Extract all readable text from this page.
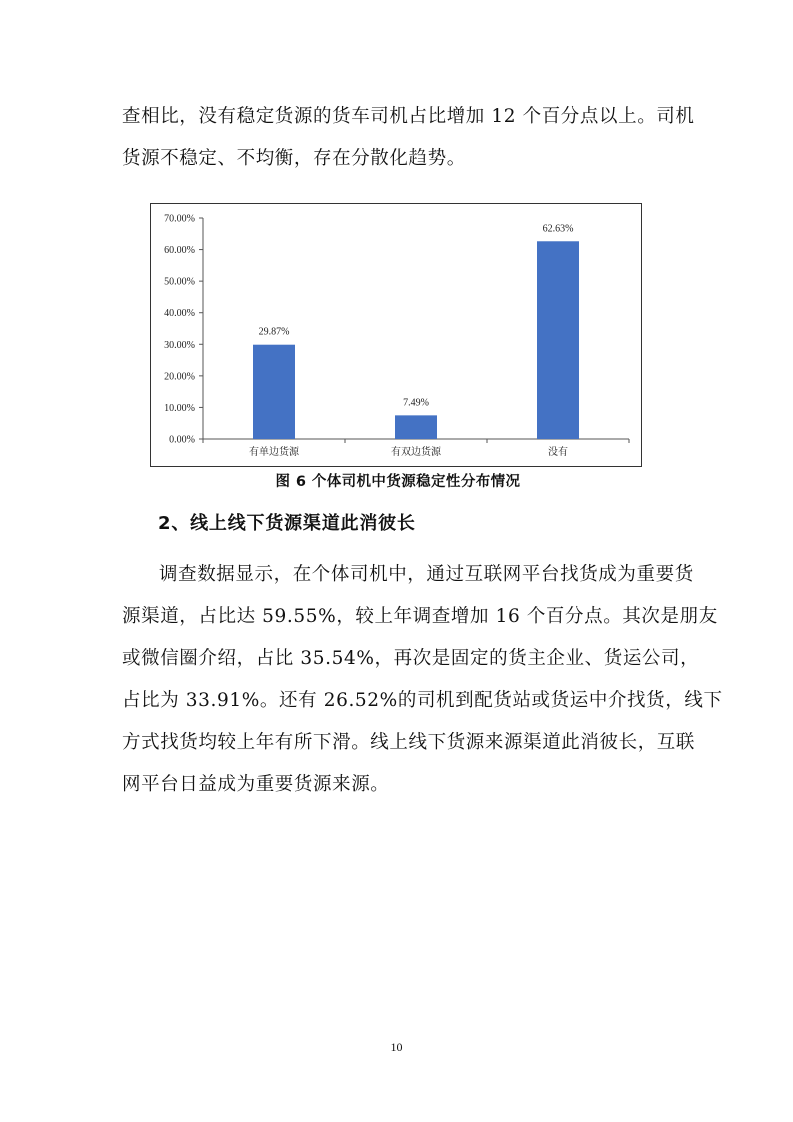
查相比，没有稳定货源的货车司机占比增加 12 个百分点以上。司机
货源不稳定、不均衡，存在分散化趋势。
0.00%
10.00%
20.00%
30.00%
40.00%
50.00%
60.00%
70.00%
29.87%
有单边货源
7.49%
有双边货源
62.63%
没有
图 6 个体司机中货源稳定性分布情况
2、线上线下货源渠道此消彼长
调查数据显示，在个体司机中，通过互联网平台找货成为重要货
源渠道，占比达 59.55%，较上年调查增加 16 个百分点。其次是朋友
或微信圈介绍，占比 35.54%，再次是固定的货主企业、货运公司，
占比为 33.91%。还有 26.52%的司机到配货站或货运中介找货，线下
方式找货均较上年有所下滑。线上线下货源来源渠道此消彼长，互联
网平台日益成为重要货源来源。
10
